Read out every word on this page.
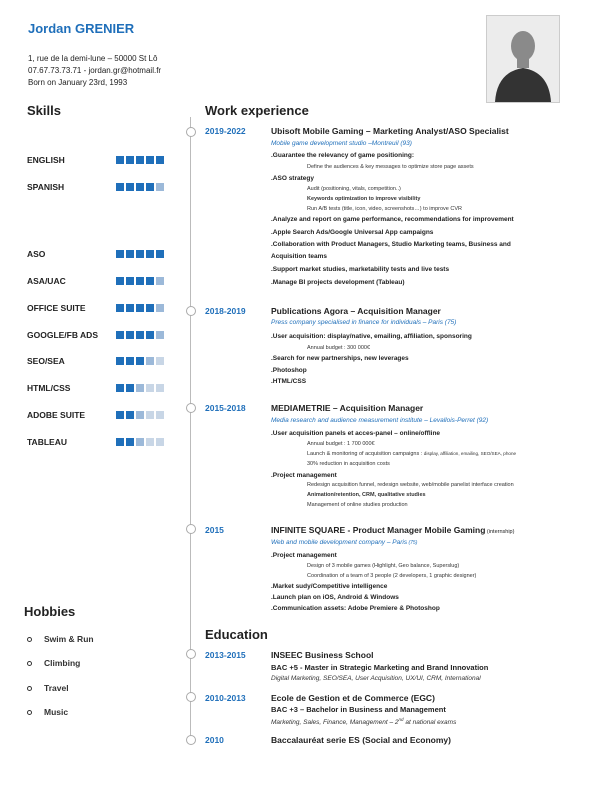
Jordan GRENIER
1, rue de la demi-lune – 50000 St Lô
07.67.73.73.71 - jordan.gr@hotmail.fr
Born on January 23rd, 1993
Skills
ENGLISH
SPANISH
ASO
ASA/UAC
OFFICE SUITE
GOOGLE/FB ADS
SEO/SEA
HTML/CSS
ADOBE SUITE
TABLEAU
Work experience
2019-2022	Ubisoft Mobile Gaming – Marketing Analyst/ASO Specialist
Mobile game development studio –Montreuil (93)
.Guarantee the relevancy of game positioning:
Define the audiences & key messages to optimize store page assets
.ASO strategy
Audit (positioning, vitals, competition..)
Keywords optimization to improve visibility
Run A/B tests (title, icon, video, screenshots…) to improve CVR
.Analyze and report on game performance, recommendations for improvement
.Apple Search Ads/Google Universal App campaigns
.Collaboration with Product Managers, Studio Marketing teams, Business and
Acquisition teams
.Support market studies, marketability tests and live tests
.Manage BI projects development (Tableau)
2018-2019	Publications Agora – Acquisition Manager
Press company specialised in finance for individuals – Paris (75)
.User acquisition: display/native, emailing, affiliation, sponsoring
Annual budget : 300 000€
.Search for new partnerships, new leverages
.Photoshop
.HTML/CSS
2015-2018	MEDIAMETRIE – Acquisition Manager
Media research and audience measurement institute – Levallois-Perret (92)
.User acquisition panels et acces-panel – online/offline
Annual budget : 1 700 000€
Launch & monitoring of acquisition campaigns : display, affiliation, emailing, SEO/SEA, phone
30% reduction in acquisition costs
.Project management
Redesign acquisition funnel, redesign website, web/mobile panelist interface creation
Animation/retention, CRM, qualitative studies
Management of online studies production
2015	INFINITE SQUARE - Product Manager Mobile Gaming (internship)
Web and mobile development company – Paris (75)
.Project management
Design of 3 mobile games (Highlight, Geo balance, Superslug)
Coordination of a team of 3 people (2 developers, 1 graphic designer)
.Market sudy/Competitive intelligence
.Launch plan on iOS, Android & Windows
.Communication assets: Adobe Premiere & Photoshop
Education
2013-2015	INSEEC Business School
BAC +5 - Master in Strategic Marketing and Brand Innovation
Digital Marketing, SEO/SEA, User Acquisition, UX/UI, CRM, International
2010-2013	Ecole de Gestion et de Commerce (EGC)
BAC +3 – Bachelor in Business and Management
Marketing, Sales, Finance, Management – 2nd at national exams
2010	Baccalauréat serie ES (Social and Economy)
Hobbies
Swim & Run
Climbing
Travel
Music
